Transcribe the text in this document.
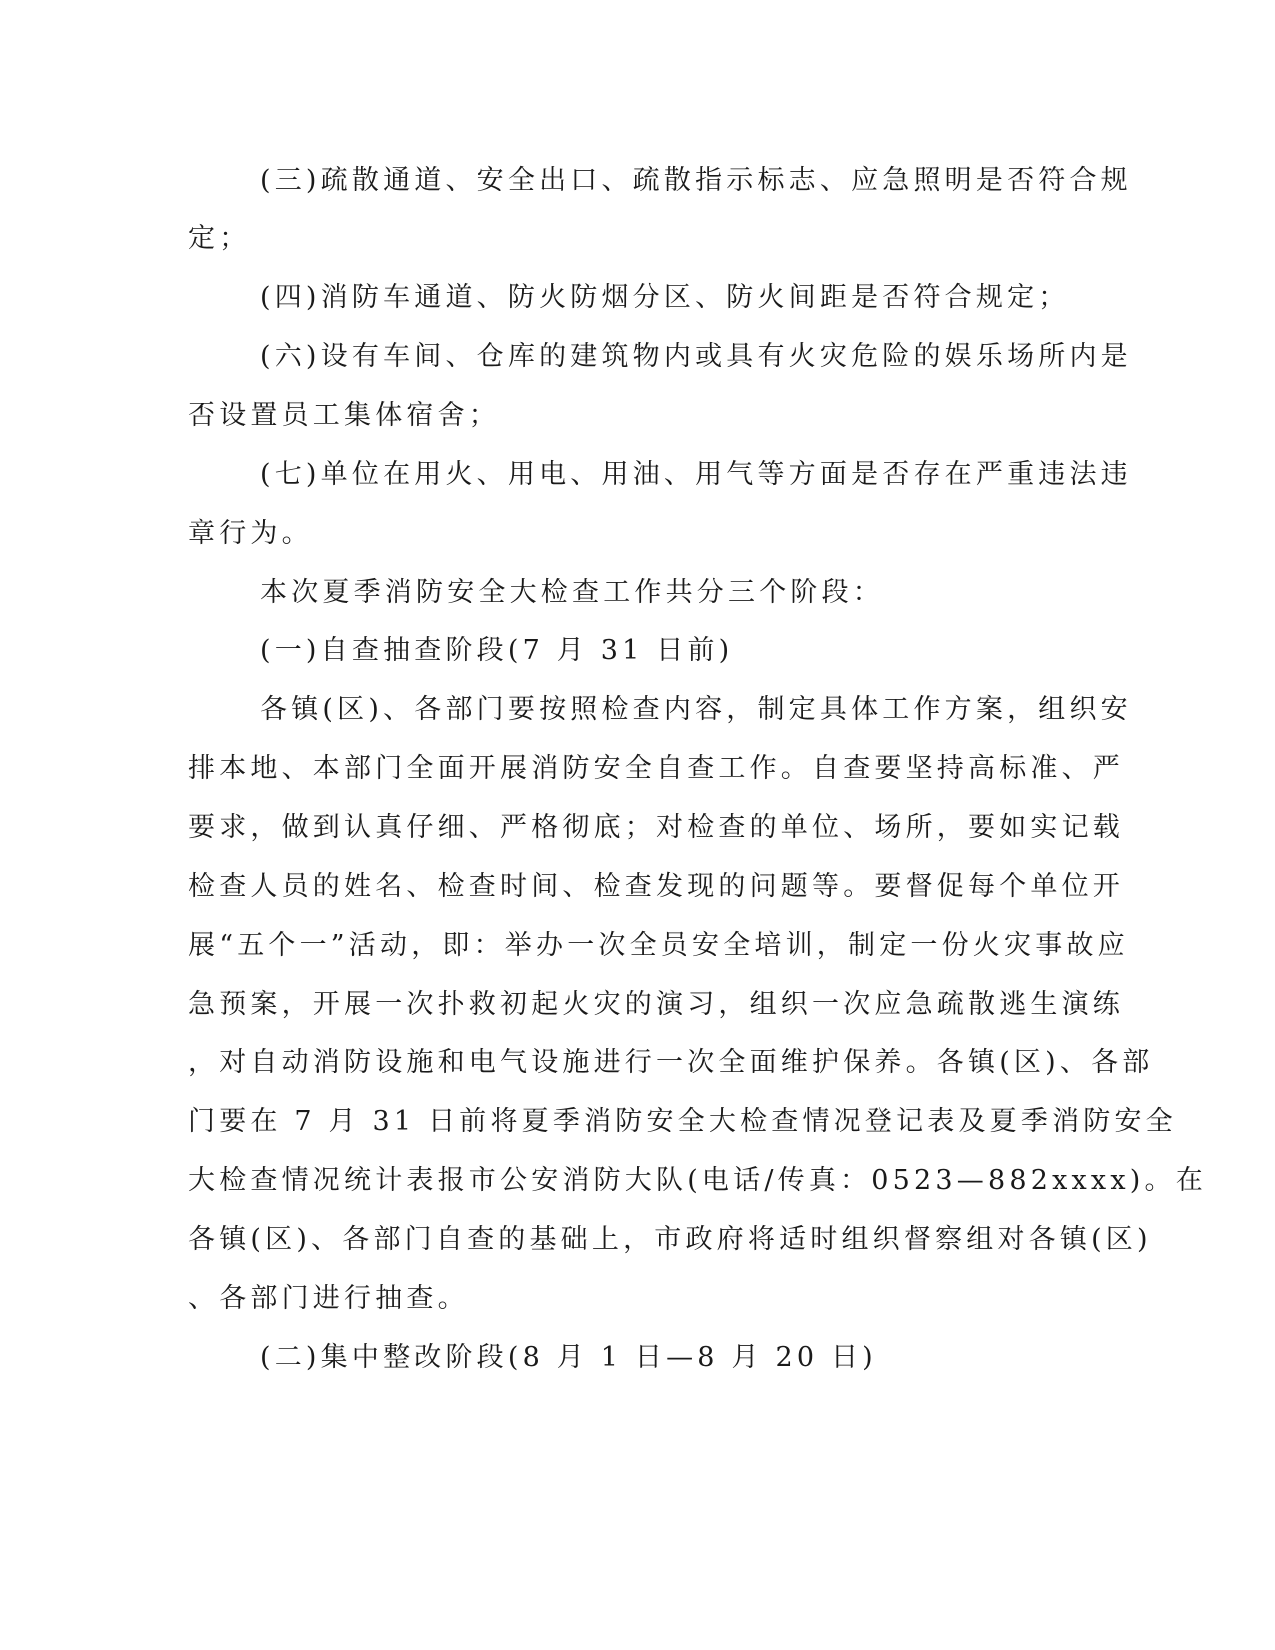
(三)疏散通道、安全出口、疏散指示标志、应急照明是否符合规

定；

(四)消防车通道、防火防烟分区、防火间距是否符合规定；

(六)设有车间、仓库的建筑物内或具有火灾危险的娱乐场所内是

否设置员工集体宿舍；

(七)单位在用火、用电、用油、用气等方面是否存在严重违法违

章行为。

本次夏季消防安全大检查工作共分三个阶段：

(一)自查抽查阶段(7 月 31 日前)

各镇(区)、各部门要按照检查内容，制定具体工作方案，组织安

排本地、本部门全面开展消防安全自查工作。自查要坚持高标准、严

要求，做到认真仔细、严格彻底；对检查的单位、场所，要如实记载

检查人员的姓名、检查时间、检查发现的问题等。要督促每个单位开

展“五个一”活动，即：举办一次全员安全培训，制定一份火灾事故应

急预案，开展一次扑救初起火灾的演习，组织一次应急疏散逃生演练

，对自动消防设施和电气设施进行一次全面维护保养。各镇(区)、各部

门要在 7 月 31 日前将夏季消防安全大检查情况登记表及夏季消防安全

大检查情况统计表报市公安消防大队(电话/传真：0523—882xxxx)。在

各镇(区)、各部门自查的基础上，市政府将适时组织督察组对各镇(区)

、各部门进行抽查。

(二)集中整改阶段(8 月 1 日—8 月 20 日)
